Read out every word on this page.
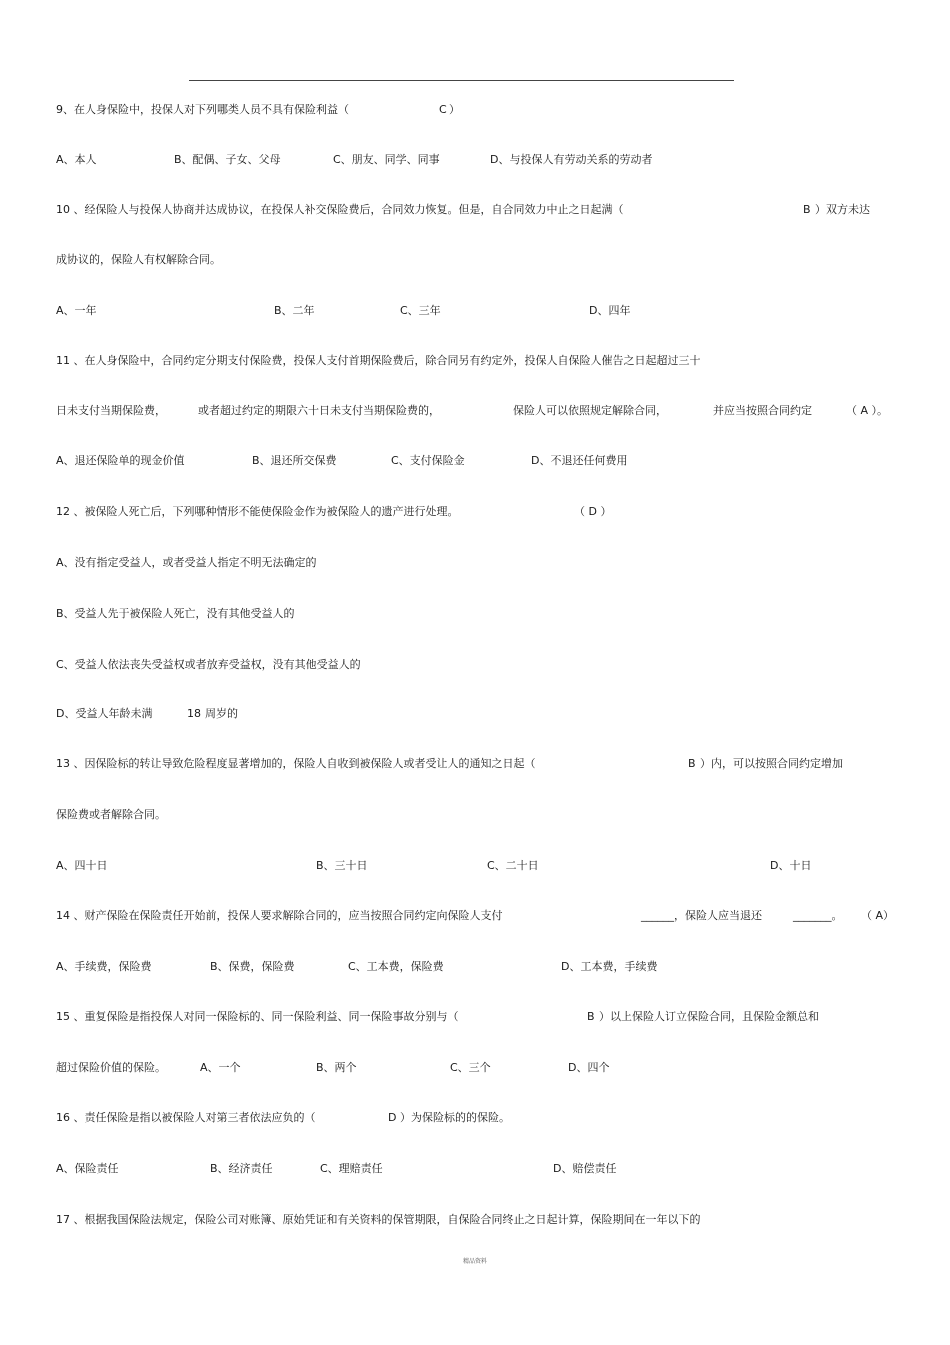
9、在人身保险中，投保人对下列哪类人员不具有保险利益（	C ）
A、本人	B、配偶、子女、父母	C、朋友、同学、同事	D、与投保人有劳动关系的劳动者
10 、经保险人与投保人协商并达成协议，在投保人补交保险费后，合同效力恢复。但是，自合同效力中止之日起满（	B ）双方未达
成协议的，保险人有权解除合同。
A、一年	B、二年	C、三年	D、四年
11 、在人身保险中，合同约定分期支付保险费，投保人支付首期保险费后，除合同另有约定外，投保人自保险人催告之日起超过三十
日未支付当期保险费，	或者超过约定的期限六十日未支付当期保险费的，	保险人可以依照规定解除合同，	并应当按照合同约定	（ A ）。
A、退还保险单的现金价值	B、退还所交保费	C、支付保险金	D、不退还任何费用
12 、被保险人死亡后，下列哪种情形不能使保险金作为被保险人的遗产进行处理。	（ D ）
A、没有指定受益人，或者受益人指定不明无法确定的
B、受益人先于被保险人死亡，没有其他受益人的
C、受益人依法丧失受益权或者放弃受益权，没有其他受益人的
D、受益人年龄未满	18 周岁的
13 、因保险标的转让导致危险程度显著增加的，保险人自收到被保险人或者受让人的通知之日起（	B ）内，可以按照合同约定增加
保险费或者解除合同。
A、四十日	B、三十日	C、二十日	D、十日
14 、财产保险在保险责任开始前，投保人要求解除合同的，应当按照合同约定向保险人支付	______，保险人应当退还	_______。 （ A）
A、手续费，保险费	B、保费，保险费	C、工本费，保险费	D、工本费，手续费
15 、重复保险是指投保人对同一保险标的、同一保险利益、同一保险事故分别与（	B ）以上保险人订立保险合同，且保险金额总和
超过保险价值的保险。	A、一个	B、两个	C、三个	D、四个
16 、责任保险是指以被保险人对第三者依法应负的（	D ）为保险标的的保险。
A、保险责任	B、经济责任	C、理赔责任	D、赔偿责任
17 、根据我国保险法规定，保险公司对账簿、原始凭证和有关资料的保管期限，自保险合同终止之日起计算，保险期间在一年以下的
精品资料
